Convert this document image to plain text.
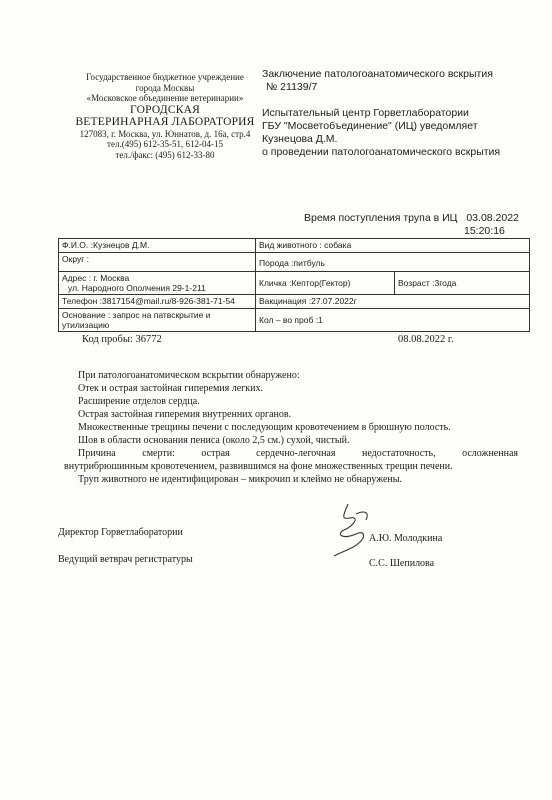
Государственное бюджетное учреждение
города Москвы
«Московское объединение ветеринарии»
ГОРОДСКАЯ
ВЕТЕРИНАРНАЯ ЛАБОРАТОРИЯ
127083, г. Москва, ул. Юннатов, д. 16а, стр.4
тел.(495) 612-35-51, 612-04-15
тел./факс: (495) 612-33-80
Заключение патологоанатомического вскрытия
№ 21139/7
Испытательный центр Горветлаборатории
ГБУ "Мосветобъединение" (ИЦ) уведомляет
Кузнецова Д.М.
о проведении патологоанатомического вскрытия
Время поступления трупа в ИЦ 03.08.2022
15:20:16
Ф.И.О. :Кузнецов Д.М.	Вид животного : собака	
Округ :	Порода :питбуль	

Адрес : г. Москва
ул. Народного Ополчения 29-1-211	Кличка :Кептор(Гектор)	Возраст :3года
Телефон :3817154@mail.ru/8-926-381-71-54	Вакцинация :27.07.2022г	

Основание : запрос на патвскрытие и
утилизацию	Кол – во проб :1	
Код пробы: 36772	08.08.2022 г.

При патологоанатомическом вскрытии обнаружено:

Отек и острая застойная гиперемия легких.

Расширение отделов сердца.

Острая застойная гиперемия внутренних органов.

Множественные трещины печени с последующим кровотечением в брюшную полость.

Шов в области основания пениса (около 2,5 см.) сухой, чистый.

Причина     смерти:     острая     сердечно-легочная     недостаточность,     осложненная

внутрибрюшинным кровотечением, развившимся на фоне множественных трещин печени.

Труп животного не идентифицирован – микрочип и клеймо не обнаружены.

Директор Горветлаборатории
А.Ю. Молодкина
Ведущий ветврач регистратуры	С.С. Шепилова
